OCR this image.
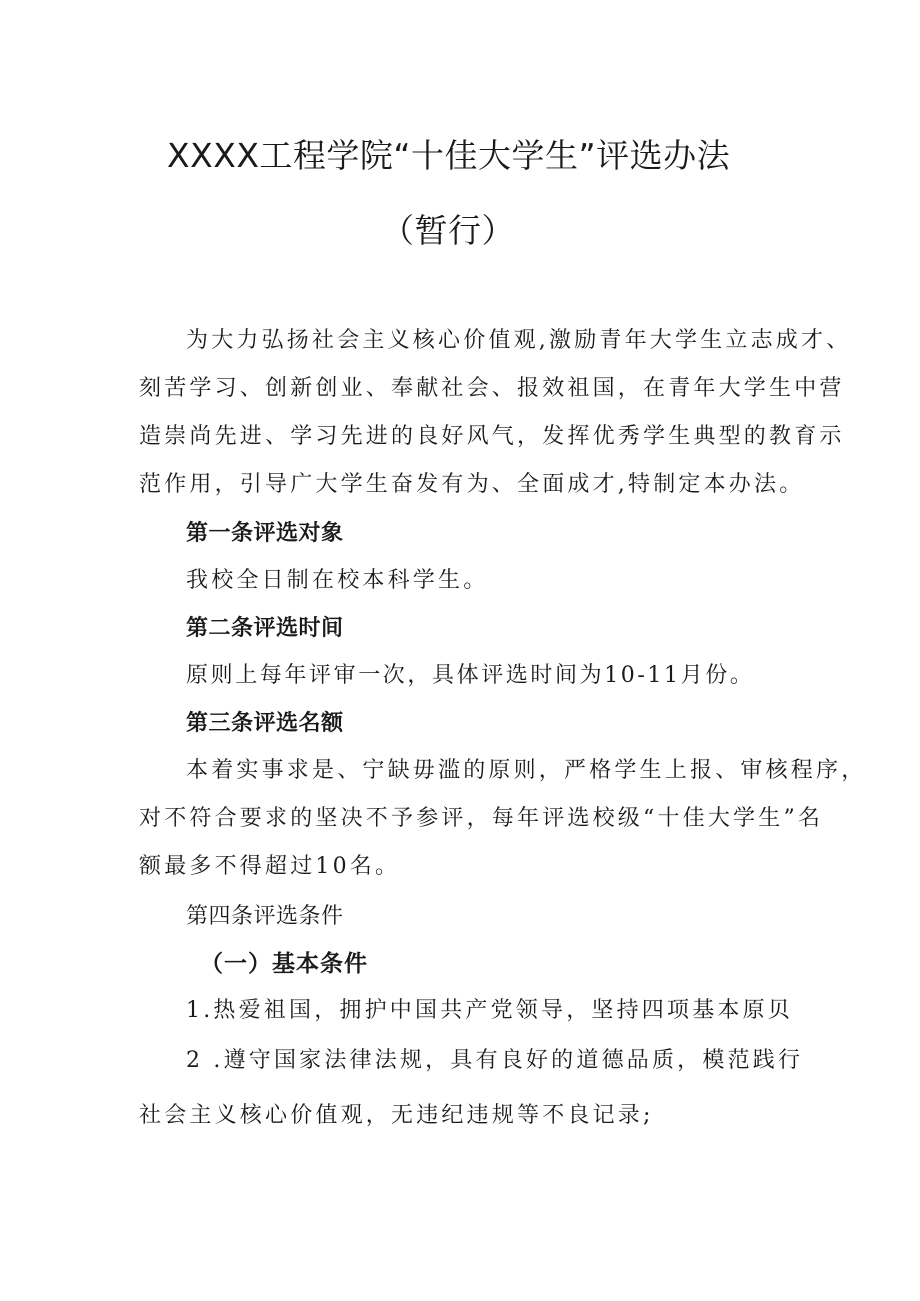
XXXX工程学院“十佳大学生”评选办法
（暂行）

为大力弘扬社会主义核心价值观,激励青年大学生立志成才、

刻苦学习、创新创业、奉献社会、报效祖国，在青年大学生中营

造崇尚先进、学习先进的良好风气，发挥优秀学生典型的教育示

范作用，引导广大学生奋发有为、全面成才,特制定本办法。

第一条评选对象

我校全日制在校本科学生。

第二条评选时间

原则上每年评审一次，具体评选时间为10-11月份。

第三条评选名额

本着实事求是、宁缺毋滥的原则，严格学生上报、审核程序，

对不符合要求的坚决不予参评，每年评选校级“十佳大学生”名

额最多不得超过10名。

第四条评选条件
（一）基本条件

1.热爱祖国，拥护中国共产党领导，坚持四项基本原贝

2 .遵守国家法律法规，具有良好的道德品质，模范践行

社会主义核心价值观，无违纪违规等不良记录;
